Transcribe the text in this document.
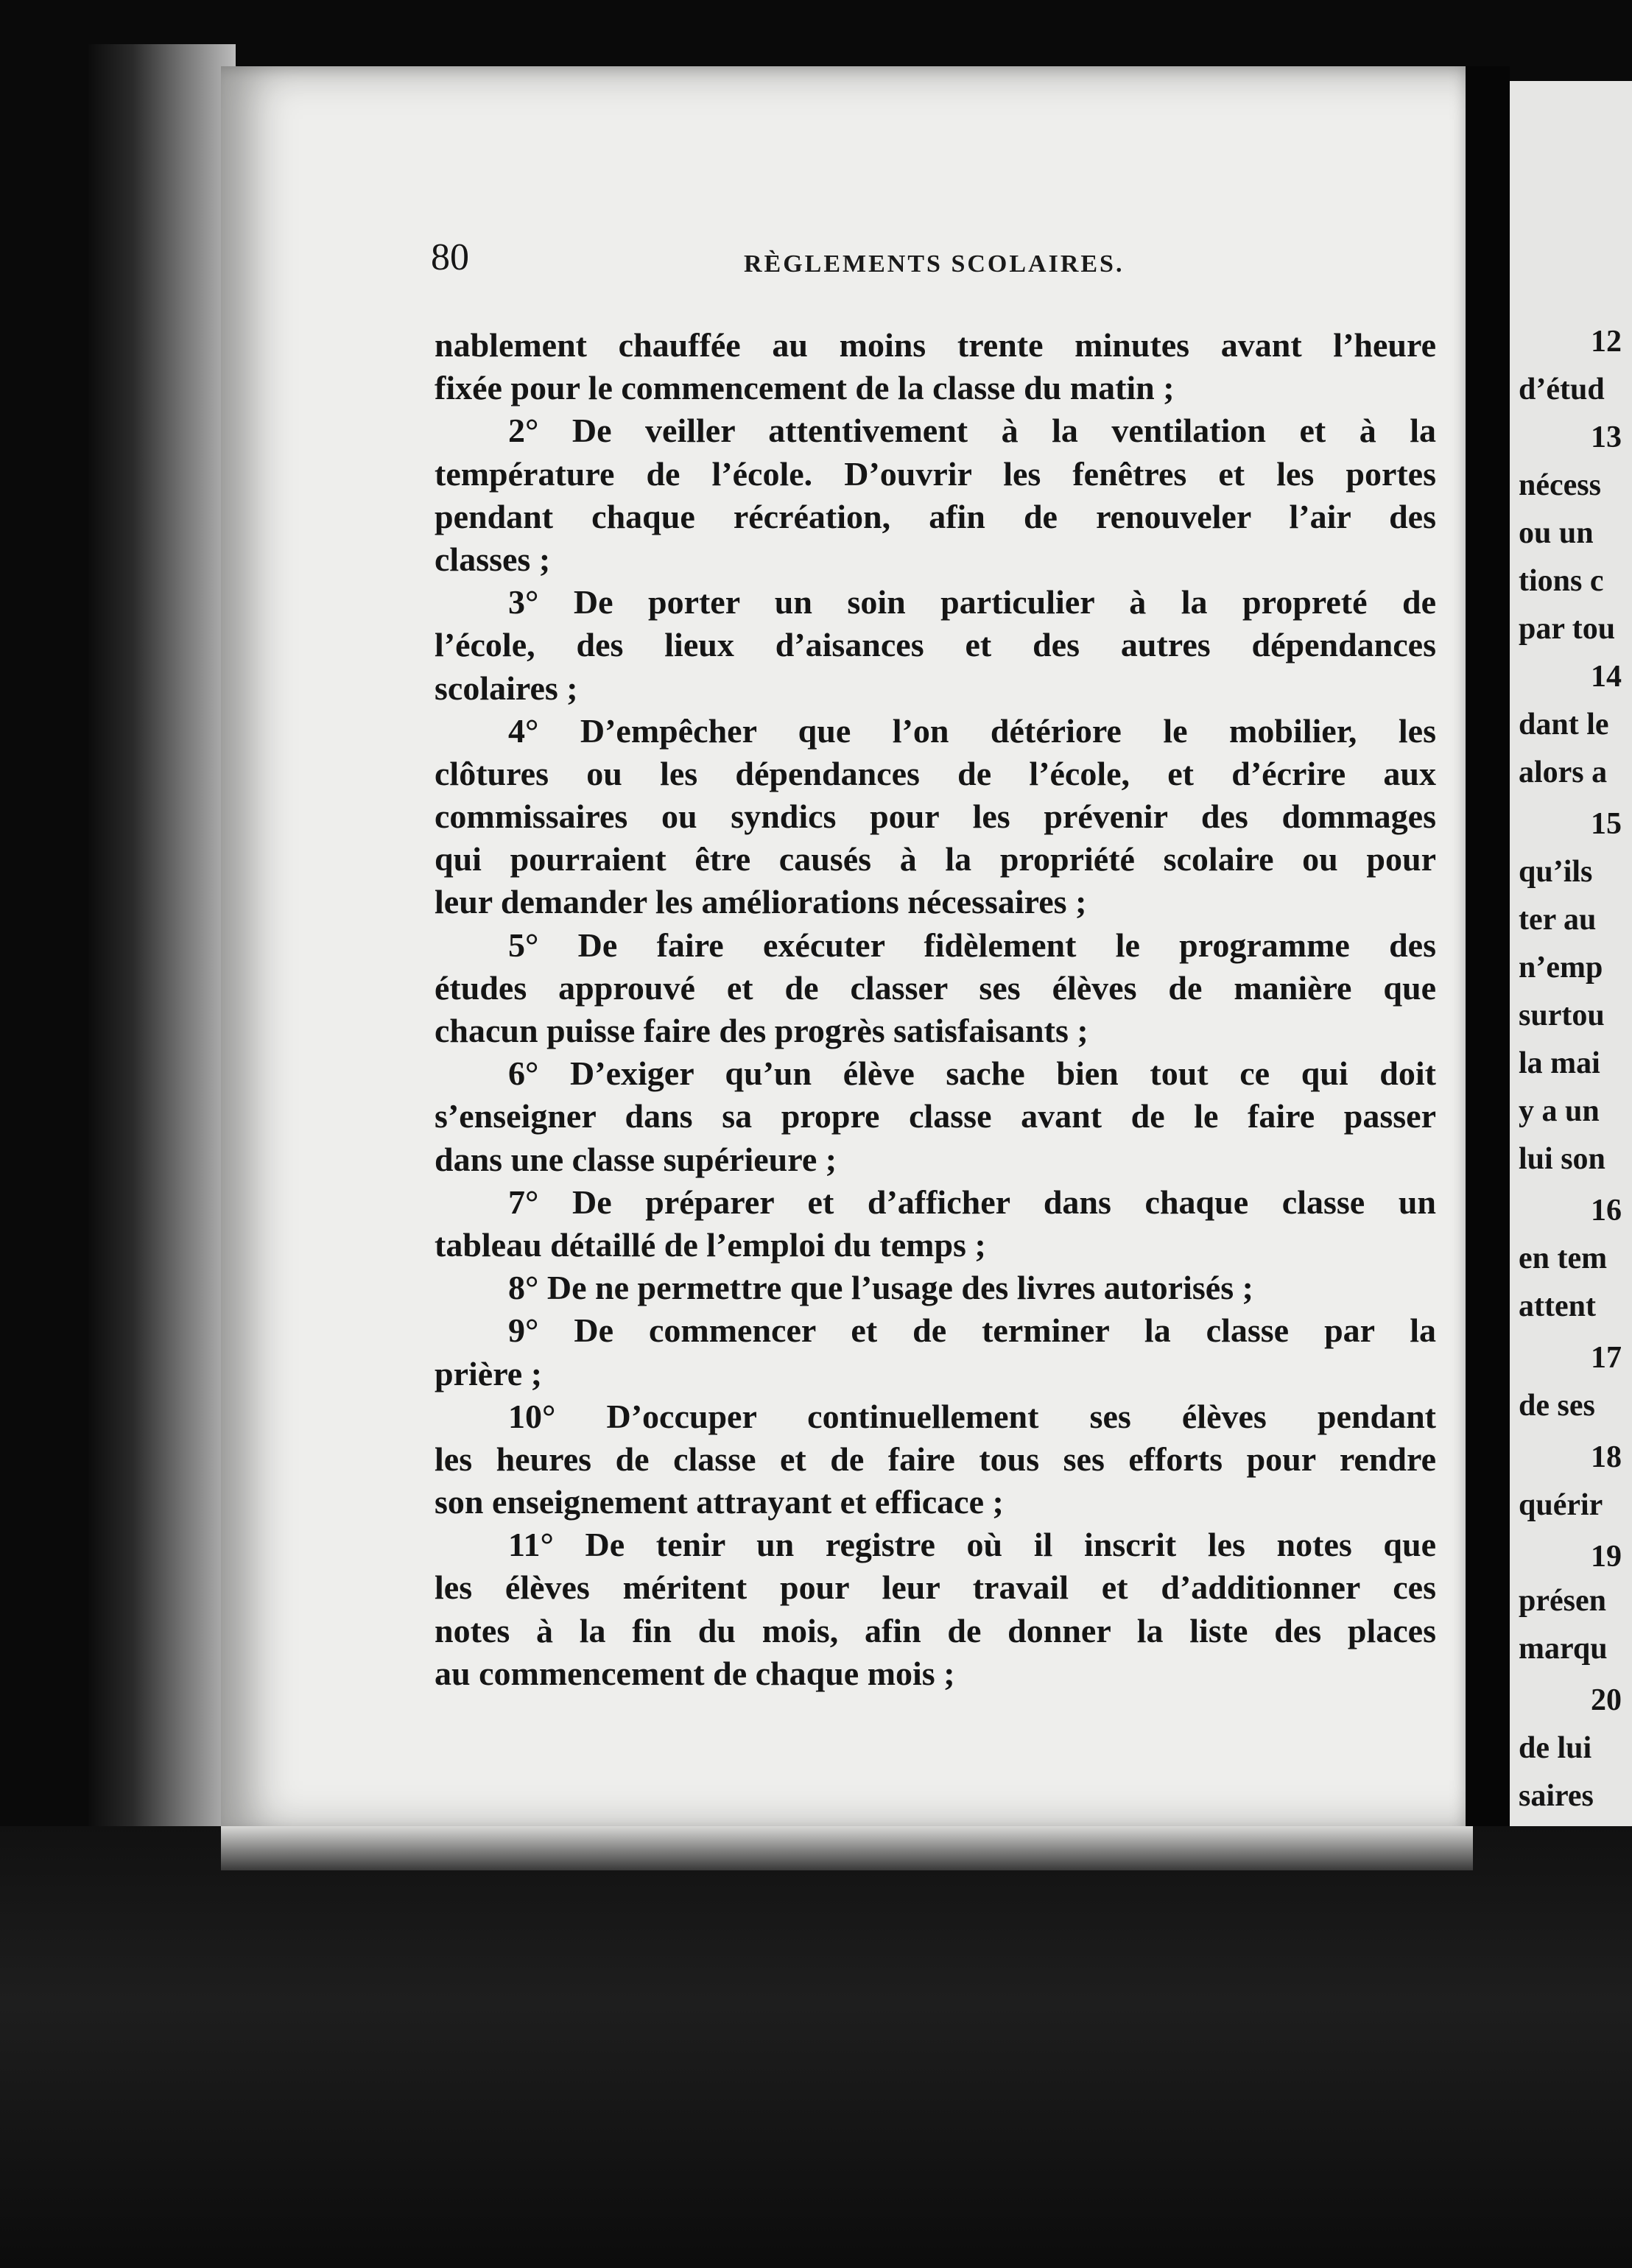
80	RÈGLEMENTS SCOLAIRES.
nablement chauffée au moins trente minutes avant l’heure
fixée pour le commencement de la classe du matin ;
2° De veiller attentivement à la ventilation et à la
température de l’école. D’ouvrir les fenêtres et les portes
pendant chaque récréation, afin de renouveler l’air des
classes ;
3° De porter un soin particulier à la propreté de
l’école, des lieux d’aisances et des autres dépendances
scolaires ;
4° D’empêcher que l’on détériore le mobilier, les
clôtures ou les dépendances de l’école, et d’écrire aux
commissaires ou syndics pour les prévenir des dommages
qui pourraient être causés à la propriété scolaire ou pour
leur demander les améliorations nécessaires ;
5° De faire exécuter fidèlement le programme des
études approuvé et de classer ses élèves de manière que
chacun puisse faire des progrès satisfaisants ;
6° D’exiger qu’un élève sache bien tout ce qui doit
s’enseigner dans sa propre classe avant de le faire passer
dans une classe supérieure ;
7° De préparer et d’afficher dans chaque classe un
tableau détaillé de l’emploi du temps ;
8° De ne permettre que l’usage des livres autorisés ;
9° De commencer et de terminer la classe par la
prière ;
10° D’occuper continuellement ses élèves pendant
les heures de classe et de faire tous ses efforts pour rendre
son enseignement attrayant et efficace ;
11° De tenir un registre où il inscrit les notes que
les élèves méritent pour leur travail et d’additionner ces
notes à la fin du mois, afin de donner la liste des places
au commencement de chaque mois ;
12
d’étud
13
nécess
ou un
tions c
par tou
14
dant le
alors a
15
qu’ils
ter au
n’emp
surtou
la mai
y a un
lui son
16
en tem
attent
17
de ses
18
quérir
19
présen
marqu
20
de lui
saires
